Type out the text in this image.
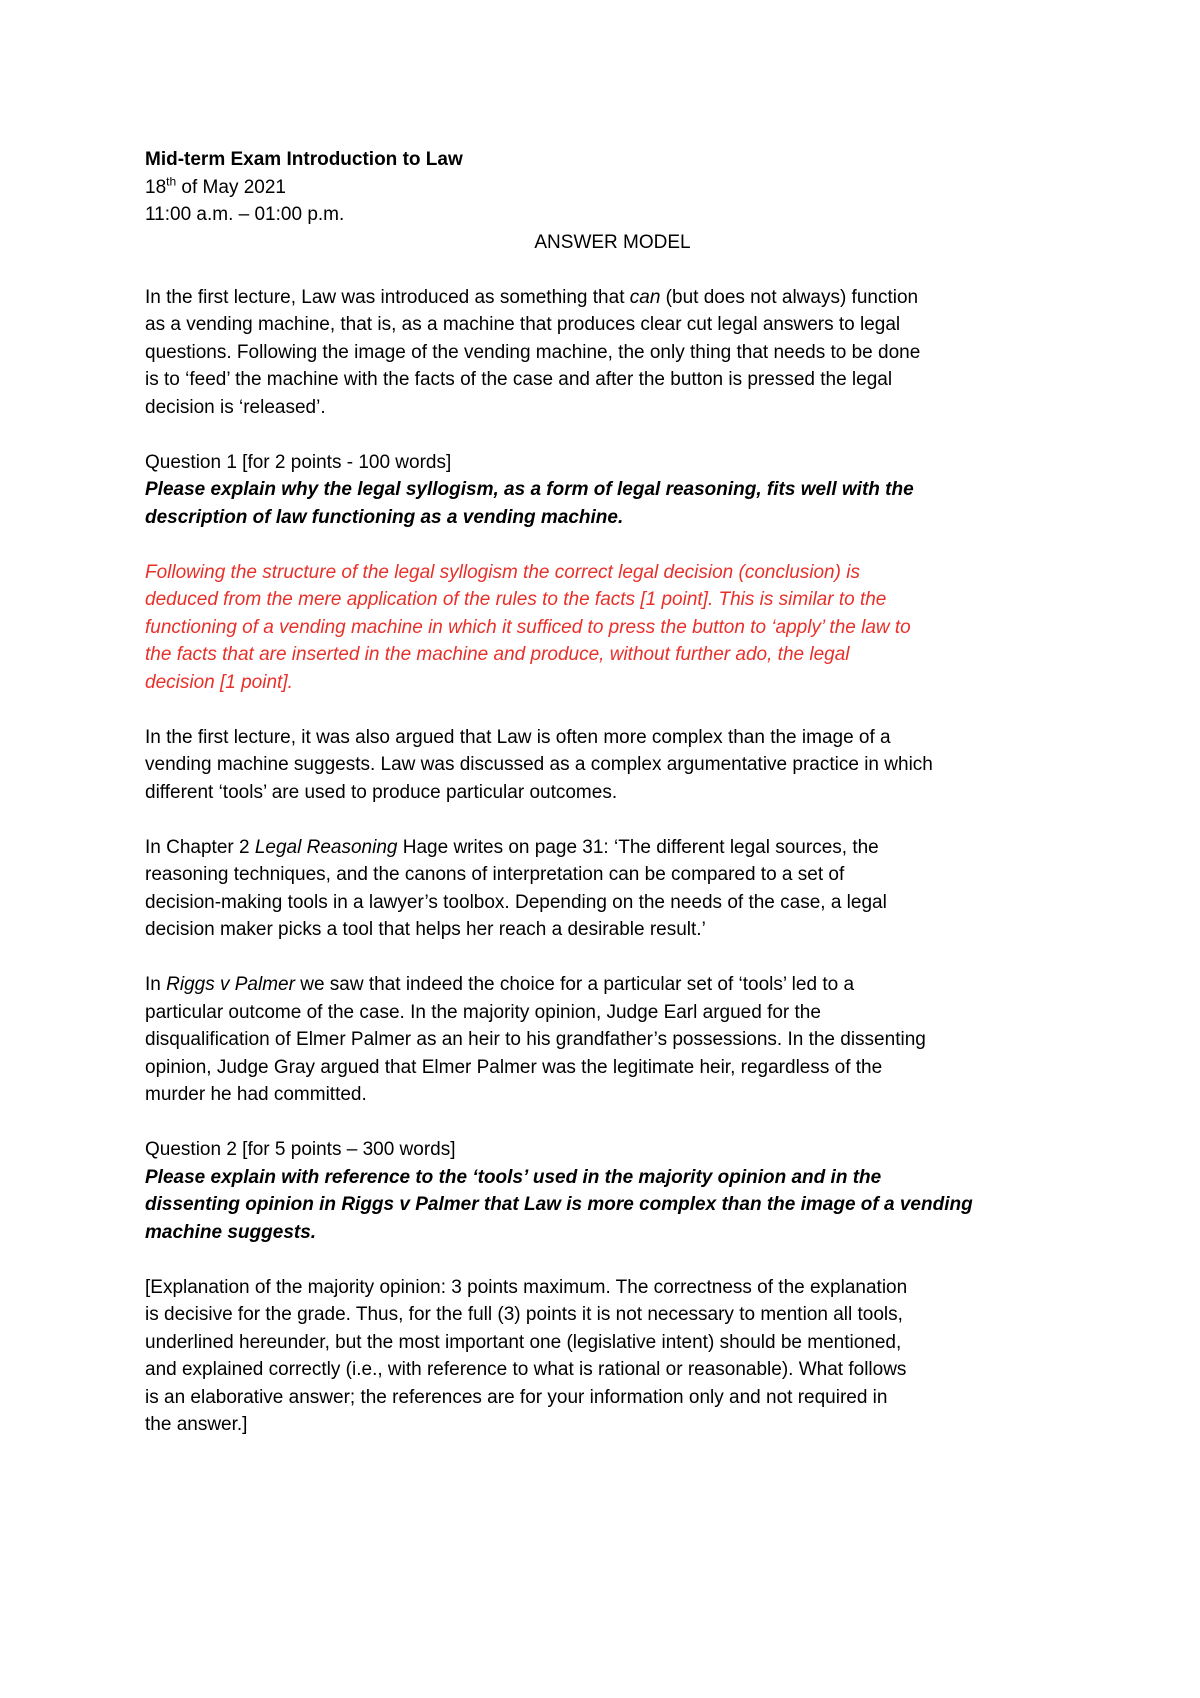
Mid-term Exam Introduction to Law
18th of May 2021
11:00 a.m. – 01:00 p.m.
ANSWER MODEL
In the first lecture, Law was introduced as something that can (but does not always) function
as a vending machine, that is, as a machine that produces clear cut legal answers to legal
questions. Following the image of the vending machine, the only thing that needs to be done
is to ‘feed’ the machine with the facts of the case and after the button is pressed the legal
decision is ‘released’.
Question 1 [for 2 points - 100 words]
Please explain why the legal syllogism, as a form of legal reasoning, fits well with the
description of law functioning as a vending machine.
Following the structure of the legal syllogism the correct legal decision (conclusion) is
deduced from the mere application of the rules to the facts [1 point]. This is similar to the
functioning of a vending machine in which it sufficed to press the button to ‘apply’ the law to
the facts that are inserted in the machine and produce, without further ado, the legal
decision [1 point].
In the first lecture, it was also argued that Law is often more complex than the image of a
vending machine suggests. Law was discussed as a complex argumentative practice in which
different ‘tools’ are used to produce particular outcomes.
In Chapter 2 Legal Reasoning Hage writes on page 31: ‘The different legal sources, the
reasoning techniques, and the canons of interpretation can be compared to a set of
decision-making tools in a lawyer’s toolbox. Depending on the needs of the case, a legal
decision maker picks a tool that helps her reach a desirable result.’
In Riggs v Palmer we saw that indeed the choice for a particular set of ‘tools’ led to a
particular outcome of the case. In the majority opinion, Judge Earl argued for the
disqualification of Elmer Palmer as an heir to his grandfather’s possessions. In the dissenting
opinion, Judge Gray argued that Elmer Palmer was the legitimate heir, regardless of the
murder he had committed.
Question 2 [for 5 points – 300 words]
Please explain with reference to the ‘tools’ used in the majority opinion and in the
dissenting opinion in Riggs v Palmer that Law is more complex than the image of a vending
machine suggests.
[Explanation of the majority opinion: 3 points maximum. The correctness of the explanation
is decisive for the grade. Thus, for the full (3) points it is not necessary to mention all tools,
underlined hereunder, but the most important one (legislative intent) should be mentioned,
and explained correctly (i.e., with reference to what is rational or reasonable). What follows
is an elaborative answer; the references are for your information only and not required in
the answer.]
